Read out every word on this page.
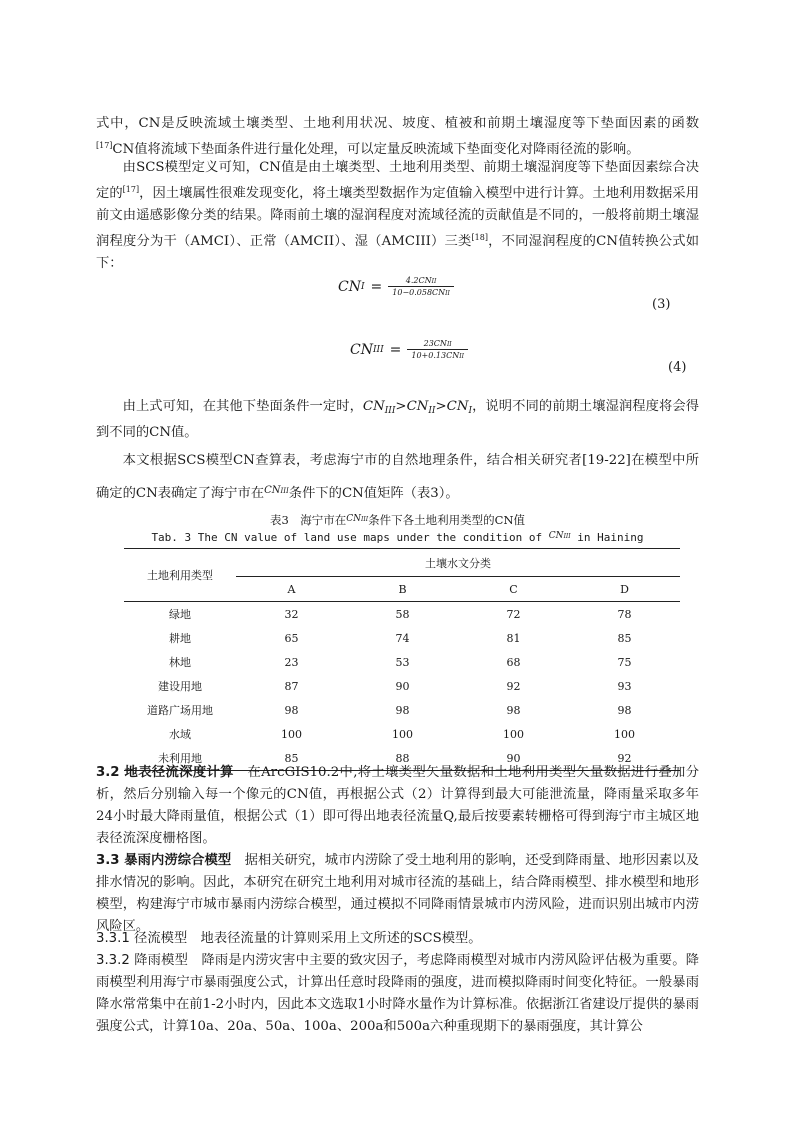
式中，CN是反映流域土壤类型、土地利用状况、坡度、植被和前期土壤湿度等下垫面因素的函数[17]CN值将流域下垫面条件进行量化处理，可以定量反映流域下垫面变化对降雨径流的影响。

由SCS模型定义可知，CN值是由土壤类型、土地利用类型、前期土壤湿润度等下垫面因素综合决定的[17]，因土壤属性很难发现变化，将土壤类型数据作为定值输入模型中进行计算。土地利用数据采用前文由遥感影像分类的结果。降雨前土壤的湿润程度对流域径流的贡献值是不同的，一般将前期土壤湿润程度分为干（AMCI）、正常（AMCII）、湿（AMCIII）三类[18]，不同湿润程度的CN值转换公式如下：

CN $I = \frac{\text{4.2CNII}}{\text{10−0.058CNII}}$
(3)
CN III = $\frac{\text{23CNII}}{\text{10+0.13CNII}}$
(4)

由上式可知，在其他下垫面条件一定时，$CN_{III}>CN_{II}>CN_I$，说明不同的前期土壤湿润程度将会得到不同的CN值。

本文根据SCS模型CN查算表，考虑海宁市的自然地理条件，结合相关研究者[19-22]在模型中所确定的CN表确定了海宁市在$^{CNIII}$条件下的CN值矩阵（表3）。

表3　海宁市在$^{CNIII}$条件下各土地利用类型的CN值
Tab. 3 The CN value of land use maps under the condition of $^{CNIII}$ in Haining
土地利用类型	土壤水文分类			
	A	B	C	D
绿地	32	58	72	78
耕地	65	74	81	85
林地	23	53	68	75
建设用地	87	90	92	93
道路广场用地	98	98	98	98
水域	100	100	100	100
未利用地	85	88	90	92

3.2 地表径流深度计算　在ArcGIS10.2中,将土壤类型矢量数据和土地利用类型矢量数据进行叠加分析，然后分别输入每一个像元的CN值，再根据公式（2）计算得到最大可能泄流量，降雨量采取多年24小时最大降雨量值，根据公式（1）即可得出地表径流量Q,最后按要素转栅格可得到海宁市主城区地表径流深度栅格图。

3.3 暴雨内涝综合模型　据相关研究，城市内涝除了受土地利用的影响，还受到降雨量、地形因素以及排水情况的影响。因此，本研究在研究土地利用对城市径流的基础上，结合降雨模型、排水模型和地形模型，构建海宁市城市暴雨内涝综合模型，通过模拟不同降雨情景城市内涝风险，进而识别出城市内涝风险区。

3.3.1 径流模型　地表径流量的计算则采用上文所述的SCS模型。

3.3.2 降雨模型　降雨是内涝灾害中主要的致灾因子，考虑降雨模型对城市内涝风险评估极为重要。降雨模型利用海宁市暴雨强度公式，计算出任意时段降雨的强度，进而模拟降雨时间变化特征。一般暴雨降水常常集中在前1-2小时内，因此本文选取1小时降水量作为计算标准。依据浙江省建设厅提供的暴雨强度公式，计算10a、20a、50a、100a、200a和500a六种重现期下的暴雨强度，其计算公
